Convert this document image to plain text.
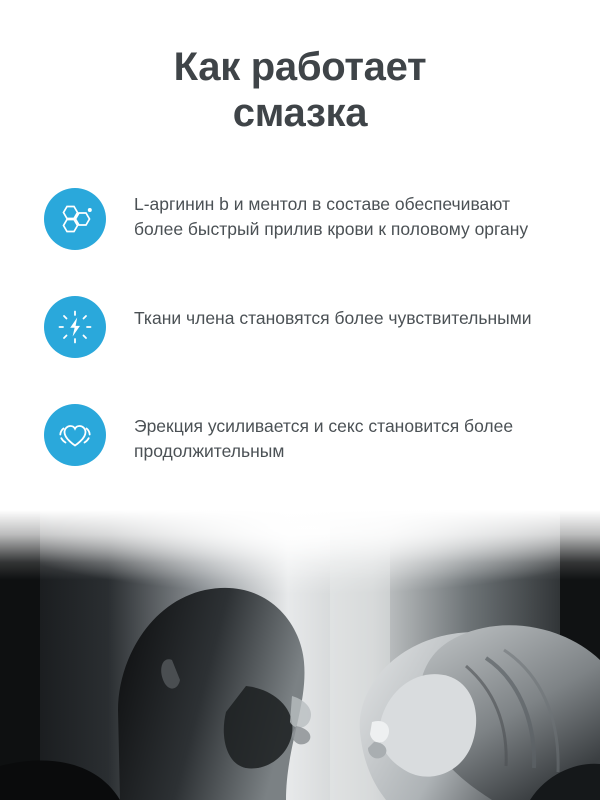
Как работает
смазка
L-аргинин b и ментол в составе обеспечивают более быстрый прилив крови к половому органу
Ткани члена становятся более чувствительными
Эрекция усиливается и секс становится более продолжительным
